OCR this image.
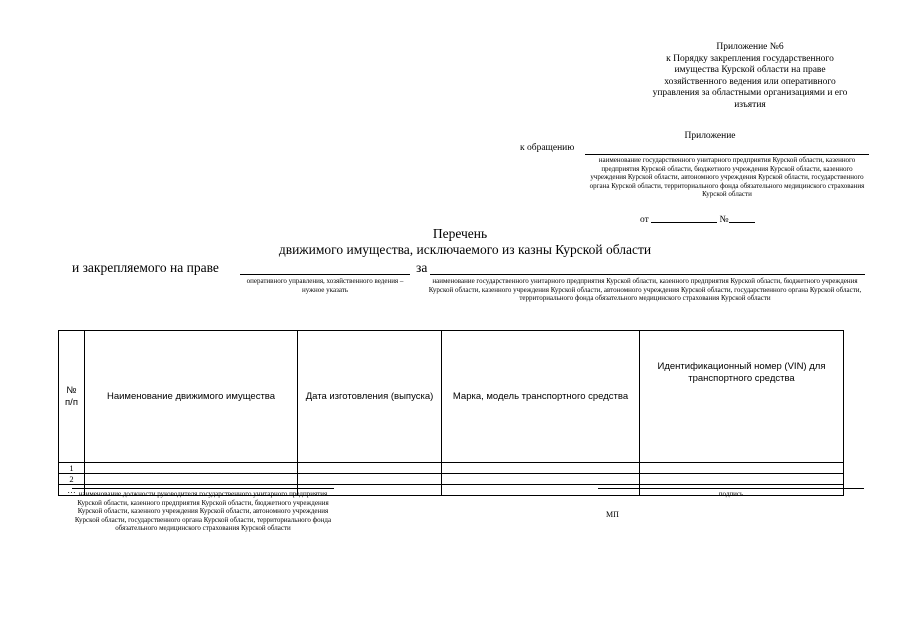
Приложение №6
к Порядку закрепления государственного
имущества Курской области на праве
хозяйственного ведения или оперативного
управления за областными организациями и его
изъятия
Приложение
к обращению
наименование государственного унитарного предприятия Курской области, казенного предприятия Курской области, бюджетного учреждения Курской области, казенного учреждения Курской области, автономного учреждения Курской области, государственного органа Курской области, территориального фонда обязательного медицинского страхования Курской области
от	№
Перечень
движимого имущества, исключаемого из казны Курской области
и закрепляемого на праве
оперативного управления, хозяйственного ведения – нужное указать
за
наименование государственного унитарного предприятия Курской области, казенного предприятия Курской области, бюджетного учреждения Курской области, казенного учреждения Курской области, автономного учреждения Курской области, государственного органа Курской области, территориального фонда обязательного медицинского страхования Курской области
№ п/п	Наименование движимого имущества	Дата изготовления (выпуска)	Марка, модель транспортного средства	Идентификационный номер (VIN) для транспортного средства
1				
2				
…				наименование должности руководителя государственного унитарного предприятия Курской области, казенного предприятия Курской области, бюджетного учреждения Курской области, казенного учреждения Курской области, автономного учреждения Курской области, государственного органа Курской области, территориального фонда обязательного медицинского страхования Курской области
подпись
МП
